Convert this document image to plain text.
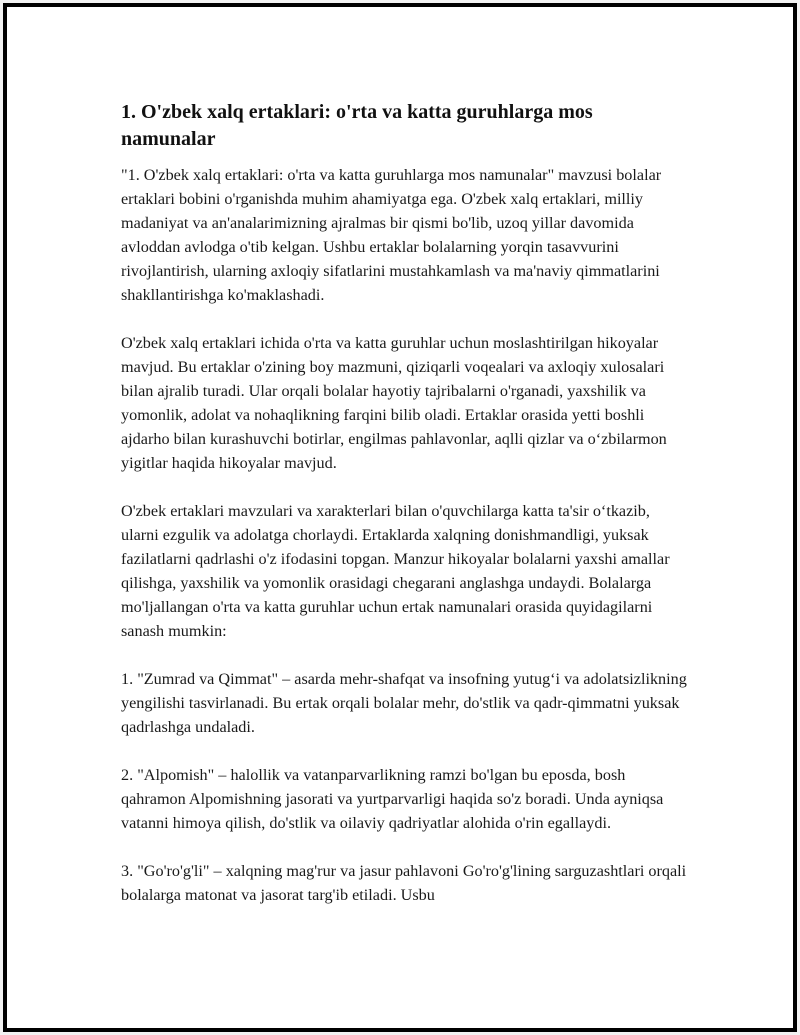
1. O'zbek xalq ertaklari: o'rta va katta guruhlarga mos namunalar

"1. O'zbek xalq ertaklari: o'rta va katta guruhlarga mos namunalar" mavzusi bolalar ertaklari bobini o'rganishda muhim ahamiyatga ega. O'zbek xalq ertaklari, milliy madaniyat va an'analarimizning ajralmas bir qismi bo'lib, uzoq yillar davomida avloddan avlodga o'tib kelgan. Ushbu ertaklar bolalarning yorqin tasavvurini rivojlantirish, ularning axloqiy sifatlarini mustahkamlash va ma'naviy qimmatlarini shakllantirishga ko'maklashadi.

O'zbek xalq ertaklari ichida o'rta va katta guruhlar uchun moslashtirilgan hikoyalar mavjud. Bu ertaklar o'zining boy mazmuni, qiziqarli voqealari va axloqiy xulosalari bilan ajralib turadi. Ular orqali bolalar hayotiy tajribalarni o'rganadi, yaxshilik va yomonlik, adolat va nohaqlikning farqini bilib oladi. Ertaklar orasida yetti boshli ajdarho bilan kurashuvchi botirlar, engilmas pahlavonlar, aqlli qizlar va o‘zbilarmon yigitlar haqida hikoyalar mavjud.

O'zbek ertaklari mavzulari va xarakterlari bilan o'quvchilarga katta ta'sir o‘tkazib, ularni ezgulik va adolatga chorlaydi. Ertaklarda xalqning donishmandligi, yuksak fazilatlarni qadrlashi o'z ifodasini topgan. Manzur hikoyalar bolalarni yaxshi amallar qilishga, yaxshilik va yomonlik orasidagi chegarani anglashga undaydi. Bolalarga mo'ljallangan o'rta va katta guruhlar uchun ertak namunalari orasida quyidagilarni sanash mumkin:

1. "Zumrad va Qimmat" – asarda mehr-shafqat va insofning yutug‘i va adolatsizlikning yengilishi tasvirlanadi. Bu ertak orqali bolalar mehr, do'stlik va qadr-qimmatni yuksak qadrlashga undaladi.

2. "Alpomish" – halollik va vatanparvarlikning ramzi bo'lgan bu eposda, bosh qahramon Alpomishning jasorati va yurtparvarligi haqida so'z boradi. Unda ayniqsa vatanni himoya qilish, do'stlik va oilaviy qadriyatlar alohida o'rin egallaydi.

3. "Go'ro'g'li" – xalqning mag'rur va jasur pahlavoni Go'ro'g'lining sarguzashtlari orqali bolalarga matonat va jasorat targ'ib etiladi. Usbu
